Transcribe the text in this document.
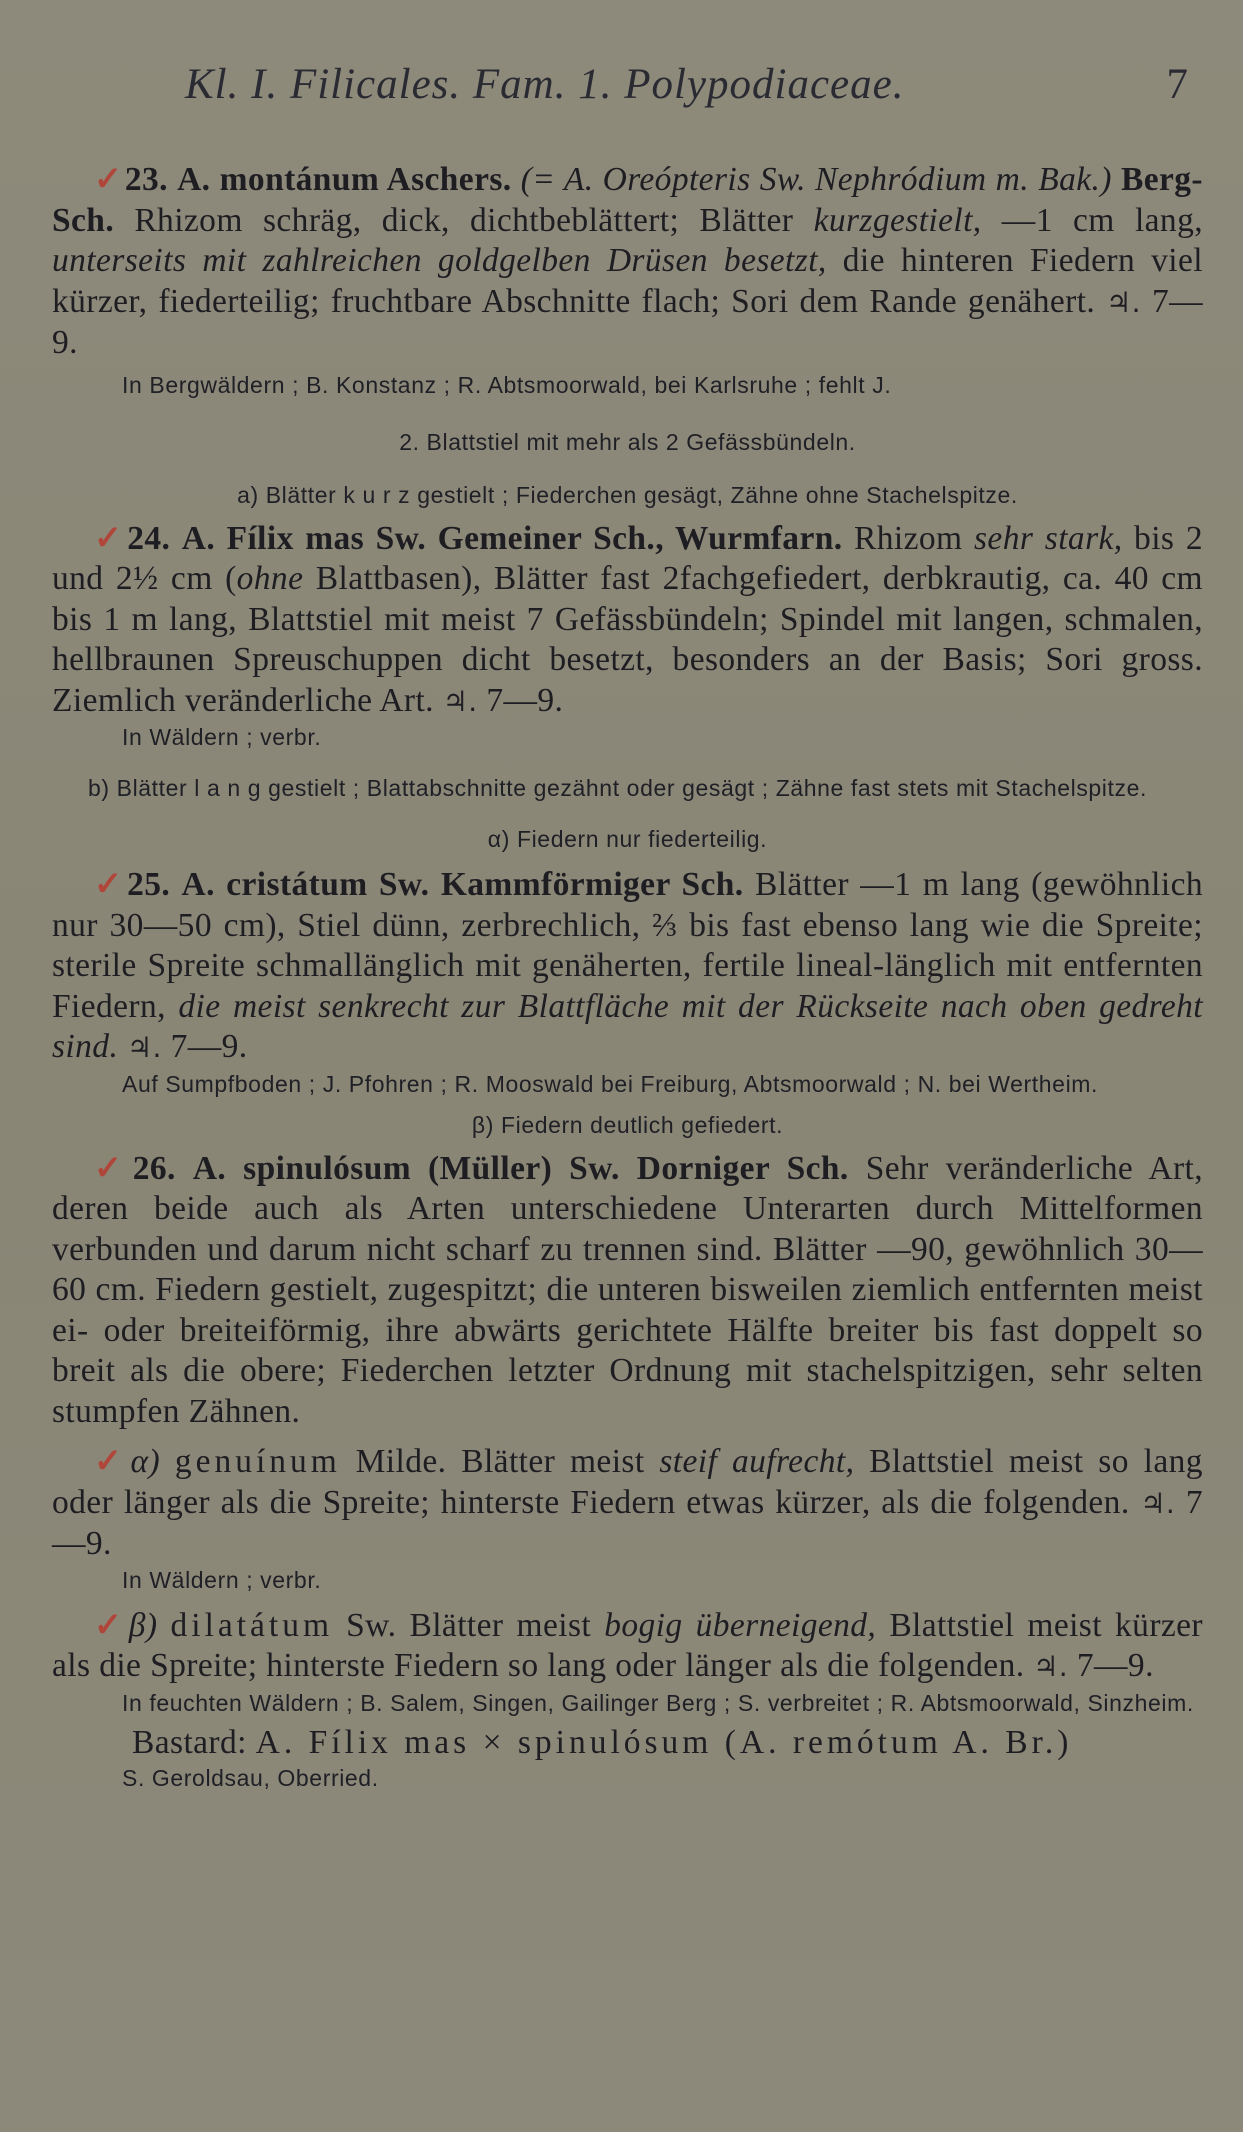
Kl. I. Filicales. Fam. 1. Polypodiaceae.	7

✓23. A. montánum Aschers. (= A. Oreópteris Sw. Nephródium m. Bak.) Berg-Sch. Rhizom schräg, dick, dichtbeblättert; Blätter kurzgestielt, —1 cm lang, unterseits mit zahlreichen goldgelben Drüsen besetzt, die hinteren Fiedern viel kürzer, fiederteilig; fruchtbare Abschnitte flach; Sori dem Rande genähert. ♃. 7—9.

In Bergwäldern ; B. Konstanz ; R. Abtsmoorwald, bei Karlsruhe ; fehlt J.

2. Blattstiel mit mehr als 2 Gefässbündeln.

a) Blätter k u r z gestielt ; Fiederchen gesägt, Zähne ohne Stachelspitze.

✓24. A. Fílix mas Sw. Gemeiner Sch., Wurmfarn. Rhizom sehr stark, bis 2 und 2½ cm (ohne Blattbasen), Blätter fast 2fachgefiedert, derbkrautig, ca. 40 cm bis 1 m lang, Blattstiel mit meist 7 Gefässbündeln; Spindel mit langen, schmalen, hellbraunen Spreuschuppen dicht besetzt, besonders an der Basis; Sori gross. Ziemlich veränderliche Art. ♃. 7—9.

In Wäldern ; verbr.

b) Blätter l a n g gestielt ; Blattabschnitte gezähnt oder gesägt ; Zähne fast stets mit Stachelspitze.

α) Fiedern nur fiederteilig.

✓25. A. cristátum Sw. Kammförmiger Sch. Blätter —1 m lang (gewöhnlich nur 30—50 cm), Stiel dünn, zerbrechlich, ⅔ bis fast ebenso lang wie die Spreite; sterile Spreite schmallänglich mit genäherten, fertile lineal-länglich mit entfernten Fiedern, die meist senkrecht zur Blattfläche mit der Rückseite nach oben gedreht sind. ♃. 7—9.

Auf Sumpfboden ; J. Pfohren ; R. Mooswald bei Freiburg, Abtsmoorwald ; N. bei Wertheim.

β) Fiedern deutlich gefiedert.

✓26. A. spinulósum (Müller) Sw. Dorniger Sch. Sehr veränderliche Art, deren beide auch als Arten unterschiedene Unterarten durch Mittelformen verbunden und darum nicht scharf zu trennen sind. Blätter —90, gewöhnlich 30—60 cm. Fiedern gestielt, zugespitzt; die unteren bisweilen ziemlich entfernten meist ei- oder breiteiförmig, ihre abwärts gerichtete Hälfte breiter bis fast doppelt so breit als die obere; Fiederchen letzter Ordnung mit stachelspitzigen, sehr selten stumpfen Zähnen.

✓α) genuínum Milde. Blätter meist steif aufrecht, Blattstiel meist so lang oder länger als die Spreite; hinterste Fiedern etwas kürzer, als die folgenden. ♃. 7—9.

In Wäldern ; verbr.

✓β) dilatátum Sw. Blätter meist bogig überneigend, Blattstiel meist kürzer als die Spreite; hinterste Fiedern so lang oder länger als die folgenden. ♃. 7—9.

In feuchten Wäldern ; B. Salem, Singen, Gailinger Berg ; S. verbreitet ; R. Abtsmoorwald, Sinzheim.

Bastard: A. Fílix mas × spinulósum (A. remótum A. Br.)

S. Geroldsau, Oberried.
